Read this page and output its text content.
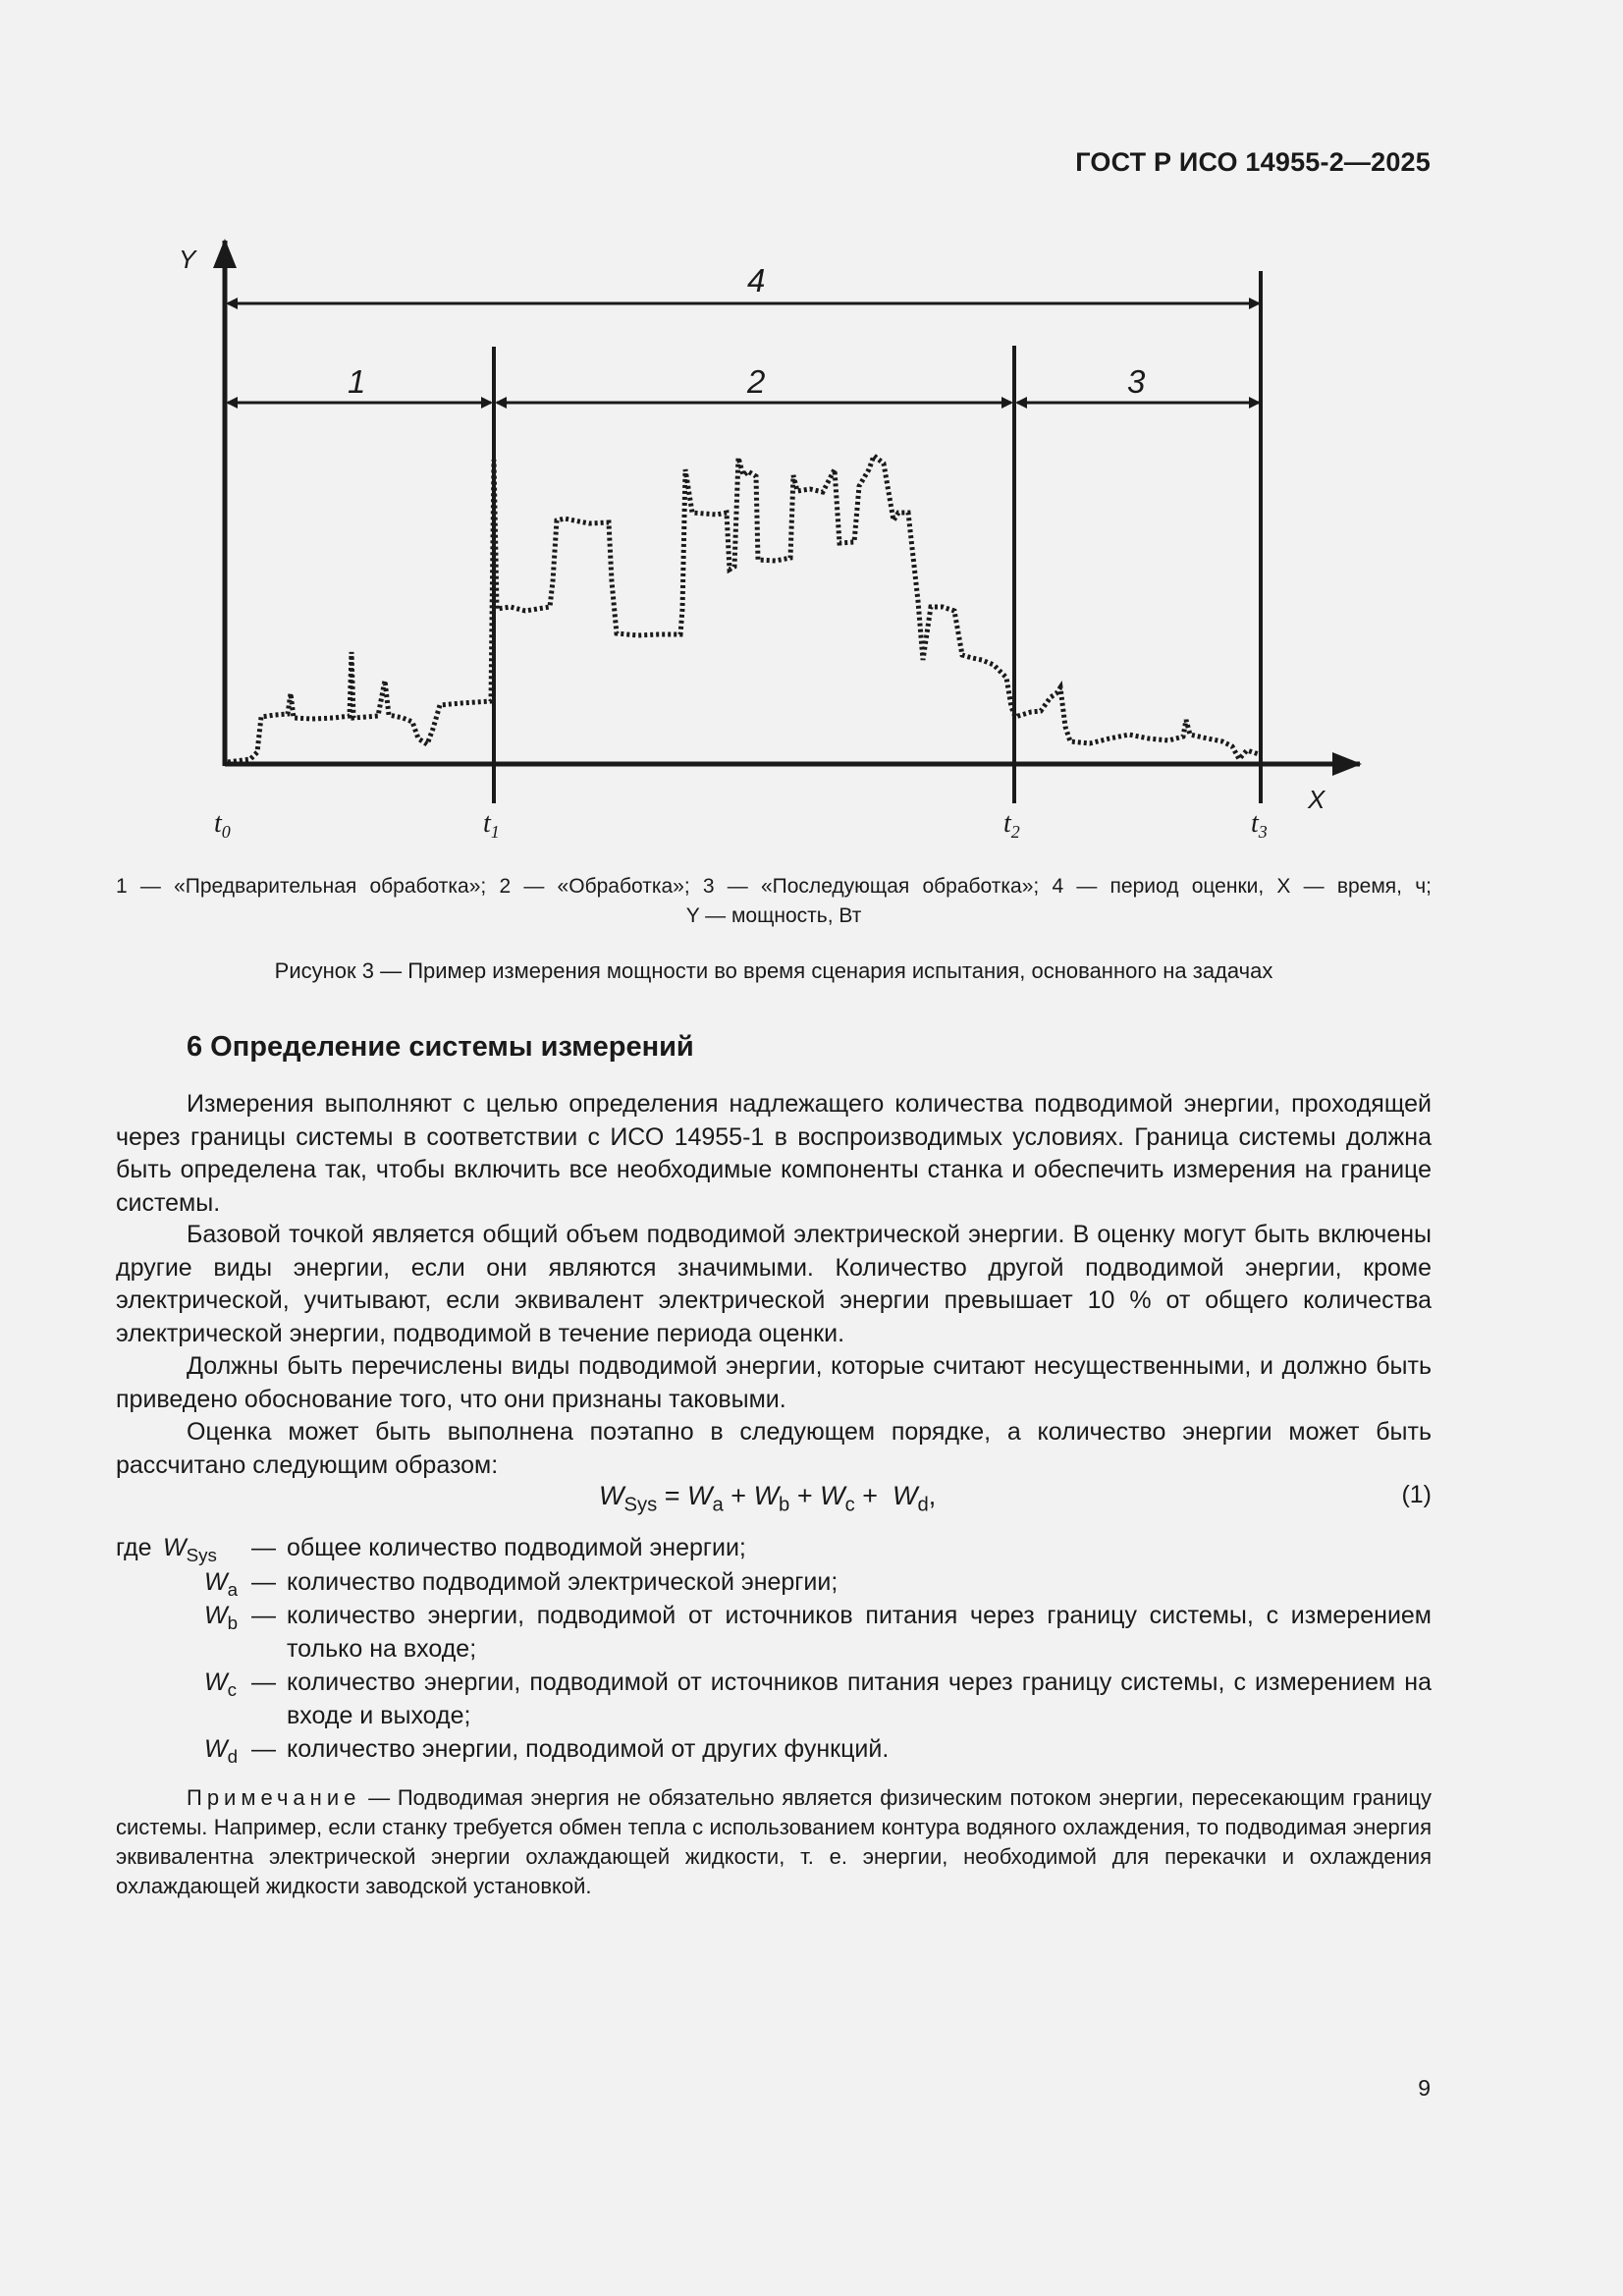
ГОСТ Р ИСО 14955-2—2025
Y
X
4
1	2	3
$t_0$	$t_1$	$t_2$	$t_3$
1 — «Предварительная обработка»; 2 — «Обработка»; 3 — «Последующая обработка»; 4 — период оценки, X — время, ч;
Y — мощность, Вт
Рисунок 3 — Пример измерения мощности во время сценария испытания, основанного на задачах
6 Определение системы измерений

Измерения выполняют с целью определения надлежащего количества подводимой энергии, проходящей через границы системы в соответствии с ИСО 14955-1 в воспроизводимых условиях. Граница системы должна быть определена так, чтобы включить все необходимые компоненты станка и обеспечить измерения на границе системы.

Базовой точкой является общий объем подводимой электрической энергии. В оценку могут быть включены другие виды энергии, если они являются значимыми. Количество другой подводимой энергии, кроме электрической, учитывают, если эквивалент электрической энергии превышает 10 % от общего количества электрической энергии, подводимой в течение периода оценки.

Должны быть перечислены виды подводимой энергии, которые считают несущественными, и должно быть приведено обоснование того, что они признаны таковыми.

Оценка может быть выполнена поэтапно в следующем порядке, а количество энергии может быть рассчитано следующим образом:

$W_{Sys} = W_a + W_b + W_c + W_d$,	(1)
где $W_{Sys}$ — общее количество подводимой энергии;
$W_a$ — количество подводимой электрической энергии;
$W_b$ — количество энергии, подводимой от источников питания через границу системы, с измерением только на входе;
$W_c$ — количество энергии, подводимой от источников питания через границу системы, с измерением на входе и выходе;
$W_d$ — количество энергии, подводимой от других функций.

Примечание — Подводимая энергия не обязательно является физическим потоком энергии, пересекающим границу системы. Например, если станку требуется обмен тепла с использованием контура водяного охлаждения, то подводимая энергия эквивалентна электрической энергии охлаждающей жидкости, т. е. энергии, необходимой для перекачки и охлаждения охлаждающей жидкости заводской установкой.

9
